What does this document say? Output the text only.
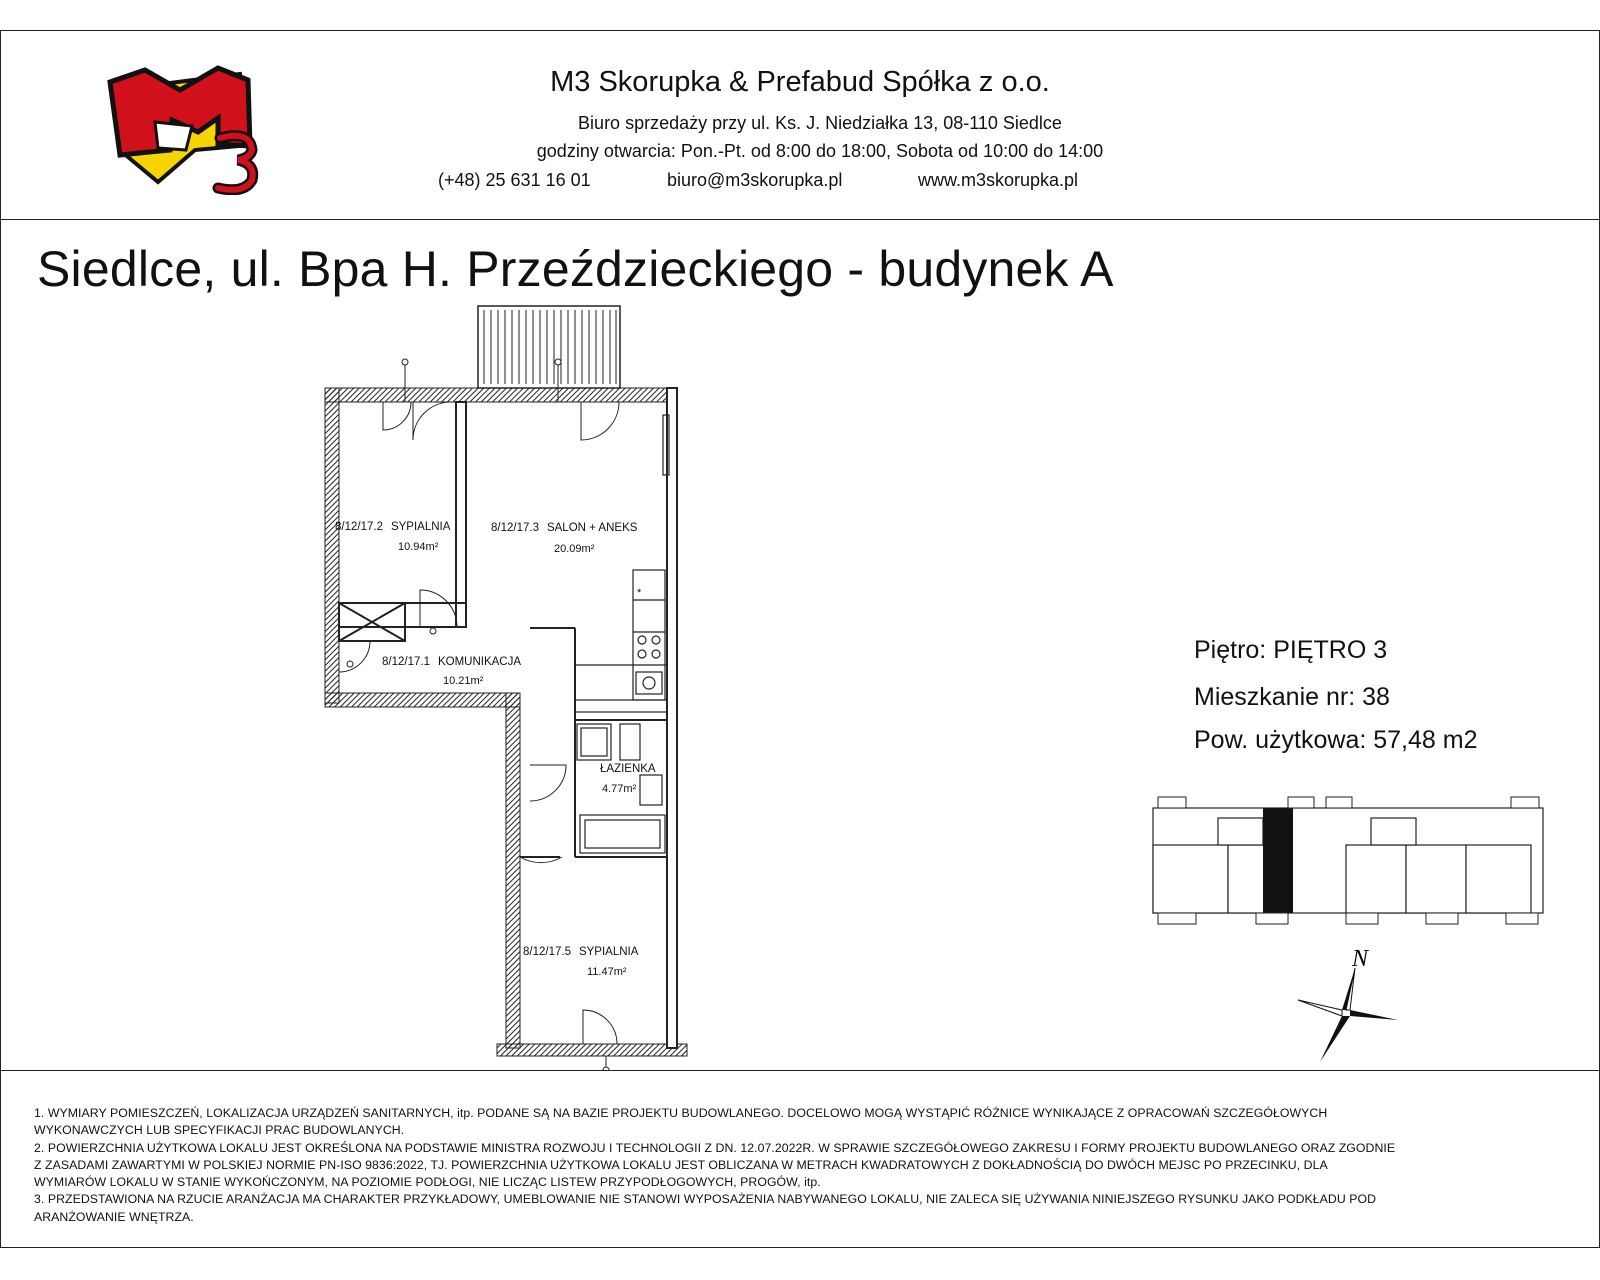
M3 Skorupka & Prefabud Spółka z o.o.
Biuro sprzedaży przy ul. Ks. J. Niedziałka 13, 08-110 Siedlce
godziny otwarcia: Pon.-Pt. od 8:00 do 18:00, Sobota od 10:00 do 14:00
(+48) 25 631 16 01	biuro@m3skorupka.pl	www.m3skorupka.pl
Siedlce, ul. Bpa H. Przeździeckiego - budynek A
*
8/12/17.2 SYPIALNIA
10.94m²
8/12/17.3 SALON + ANEKS
20.09m²
8/12/17.1 KOMUNIKACJA
10.21m²
ŁAZIENKA
4.77m²
8/12/17.5 SYPIALNIA
11.47m²
Piętro: PIĘTRO 3
Mieszkanie nr: 38
Pow. użytkowa: 57,48 m2
N

1. WYMIARY POMIESZCZEŃ, LOKALIZACJA URZĄDZEŃ SANITARNYCH, itp. PODANE SĄ NA BAZIE PROJEKTU BUDOWLANEGO. DOCELOWO MOGĄ WYSTĄPIĆ RÓŻNICE WYNIKAJĄCE Z OPRACOWAŃ SZCZEGÓŁOWYCH

WYKONAWCZYCH LUB SPECYFIKACJI PRAC BUDOWLANYCH.

2. POWIERZCHNIA UŻYTKOWA LOKALU JEST OKREŚLONA NA PODSTAWIE MINISTRA ROZWOJU I TECHNOLOGII Z DN. 12.07.2022R. W SPRAWIE SZCZEGÓŁOWEGO ZAKRESU I FORMY PROJEKTU BUDOWLANEGO ORAZ ZGODNIE

Z ZASADAMI ZAWARTYMI W POLSKIEJ NORMIE PN-ISO 9836:2022, TJ. POWIERZCHNIA UŻYTKOWA LOKALU JEST OBLICZANA W METRACH KWADRATOWYCH Z DOKŁADNOŚCIĄ DO DWÓCH MEJSC PO PRZECINKU, DLA

WYMIARÓW LOKALU W STANIE WYKOŃCZONYM, NA POZIOMIE PODŁOGI, NIE LICZĄC LISTEW PRZYPODŁOGOWYCH, PROGÓW, itp.

3. PRZEDSTAWIONA NA RZUCIE ARANŻACJA MA CHARAKTER PRZYKŁADOWY, UMEBLOWANIE NIE STANOWI WYPOSAŻENIA NABYWANEGO LOKALU, NIE ZALECA SIĘ UŻYWANIA NINIEJSZEGO RYSUNKU JAKO PODKŁADU POD

ARANŻOWANIE WNĘTRZA.
